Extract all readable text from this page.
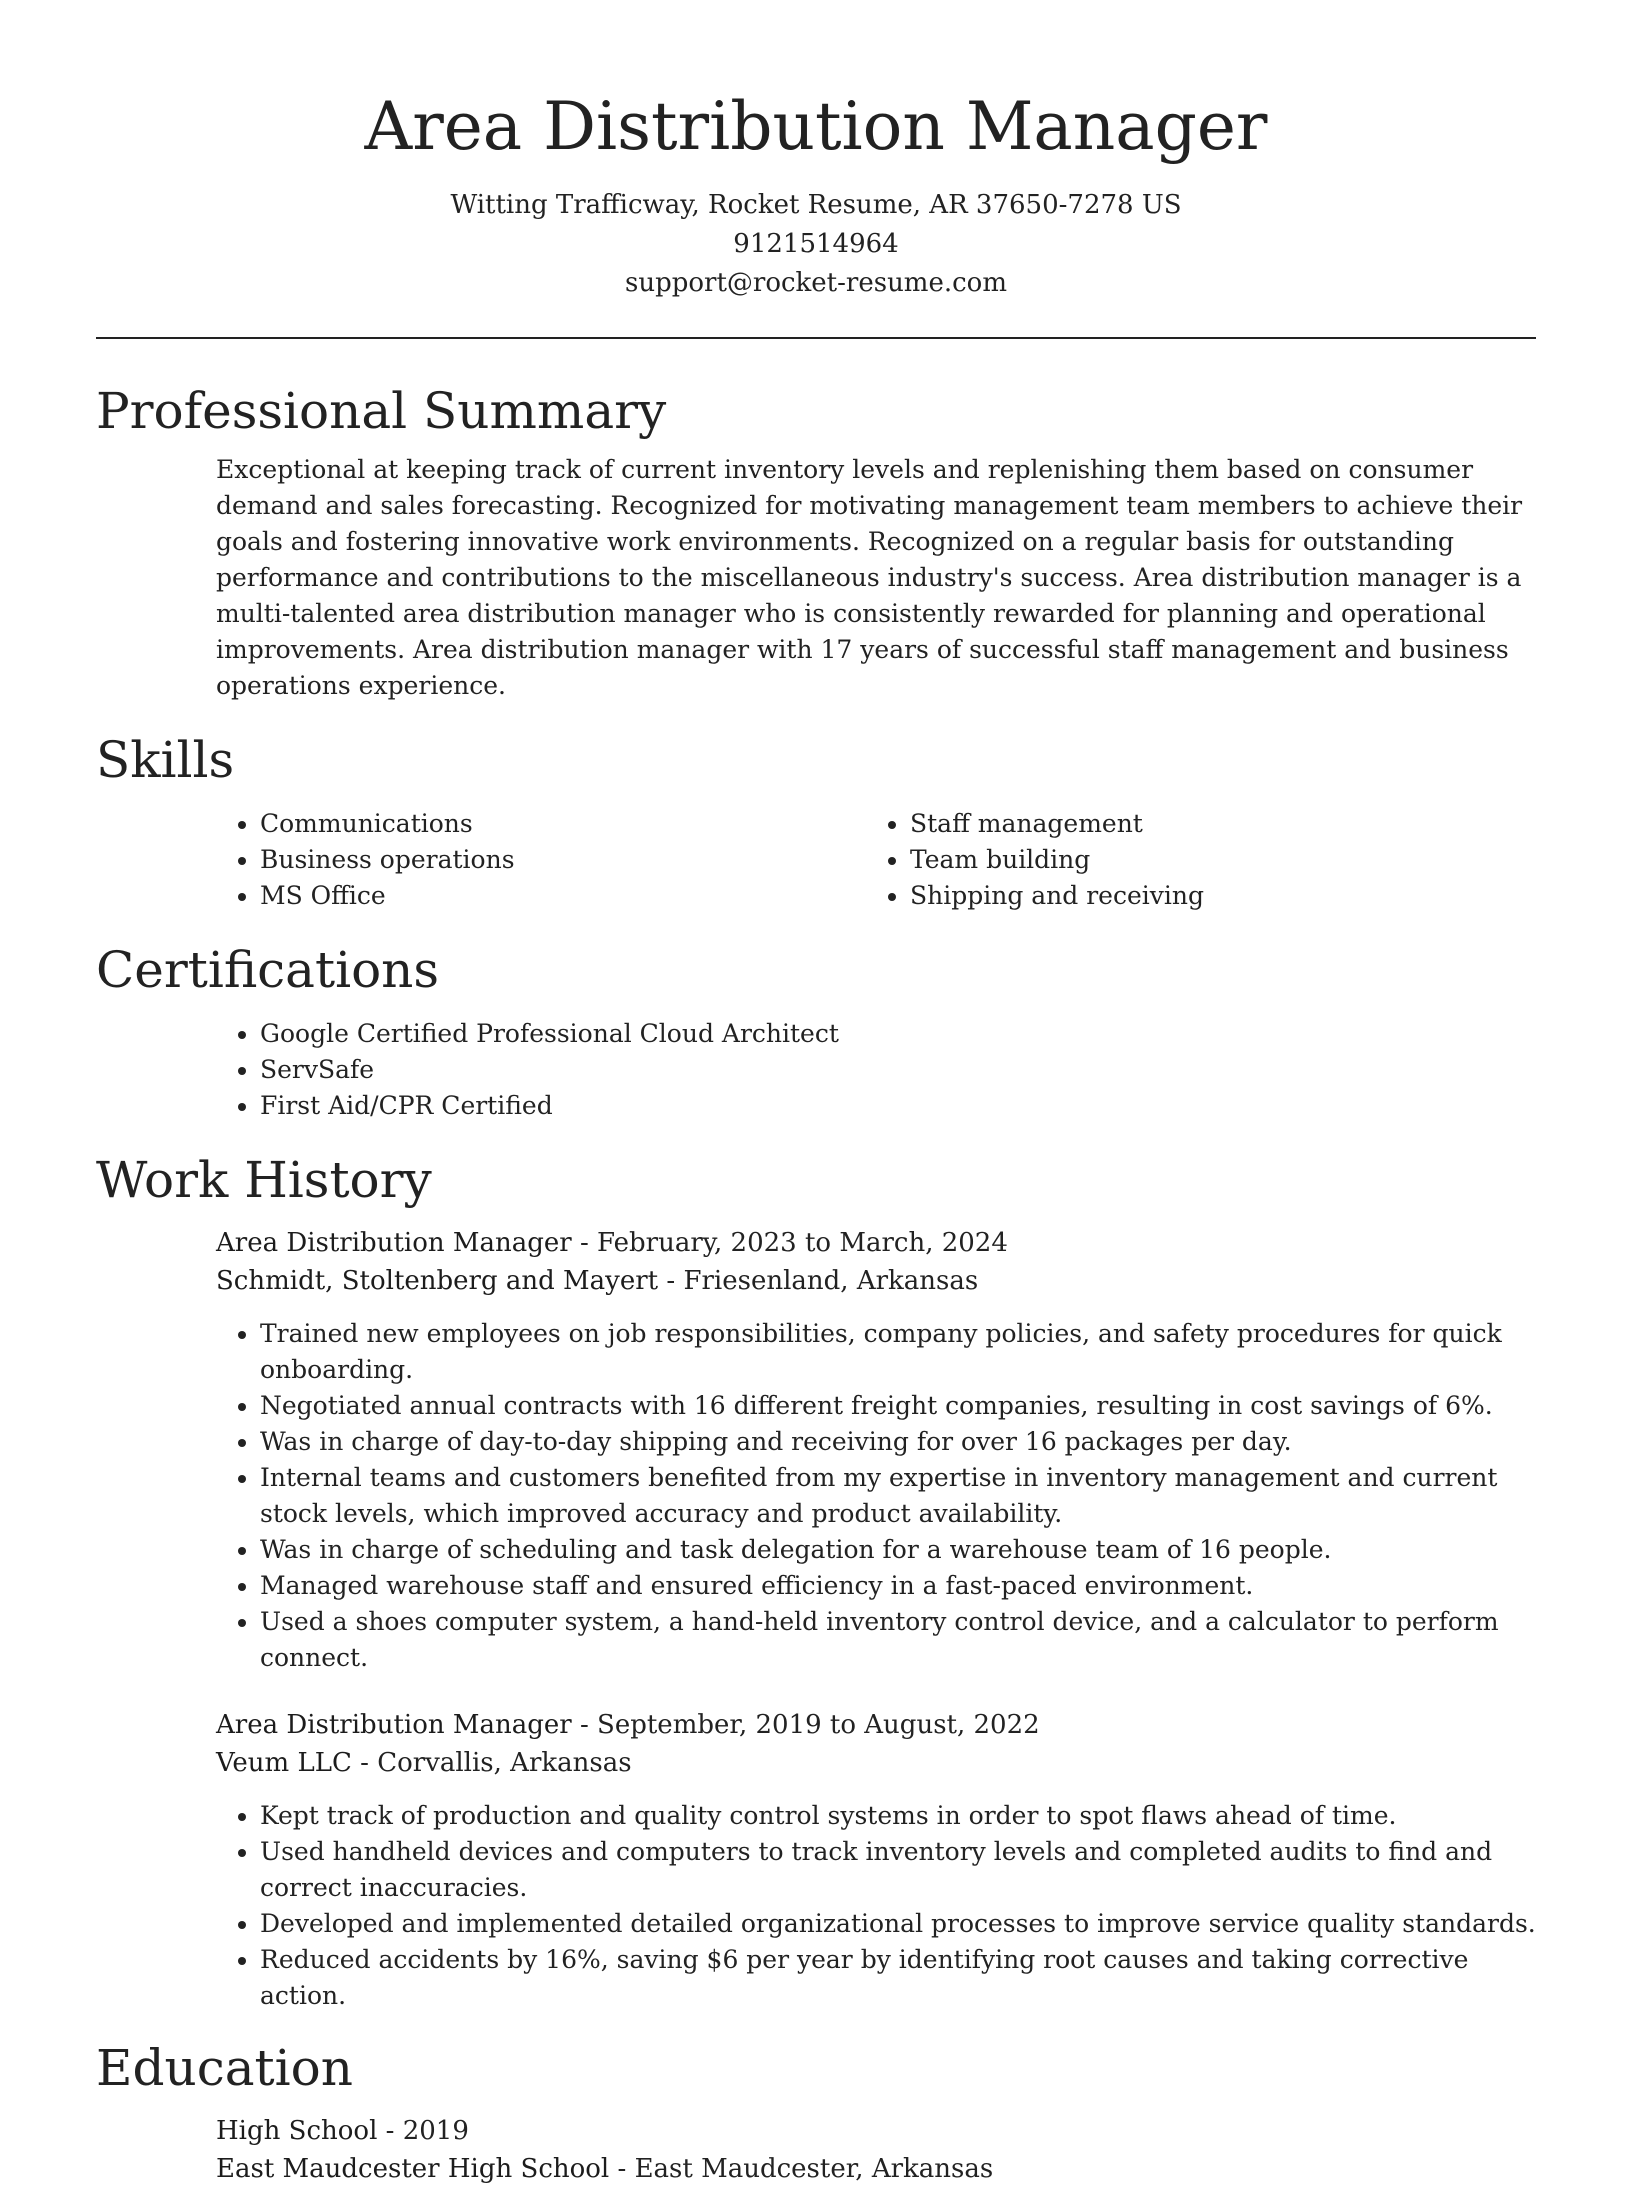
Area Distribution Manager
Witting Trafficway, Rocket Resume, AR 37650-7278 US
9121514964
support@rocket-resume.com
Professional Summary

Exceptional at keeping track of current inventory levels and replenishing them based on consumer demand and sales forecasting. Recognized for motivating management team members to achieve their goals and fostering innovative work environments. Recognized on a regular basis for outstanding performance and contributions to the miscellaneous industry's success. Area distribution manager is a multi-talented area distribution manager who is consistently rewarded for planning and operational improvements. Area distribution manager with 17 years of successful staff management and business operations experience.

Skills
• Communications
• Business operations
• MS Office
• Staff management
• Team building
• Shipping and receiving
Certifications
• Google Certified Professional Cloud Architect
• ServSafe
• First Aid/CPR Certified
Work History
Area Distribution Manager - February, 2023 to March, 2024
Schmidt, Stoltenberg and Mayert - Friesenland, Arkansas
• Trained new employees on job responsibilities, company policies, and safety procedures for quick onboarding.
• Negotiated annual contracts with 16 different freight companies, resulting in cost savings of 6%.
• Was in charge of day-to-day shipping and receiving for over 16 packages per day.
• Internal teams and customers benefited from my expertise in inventory management and current stock levels, which improved accuracy and product availability.
• Was in charge of scheduling and task delegation for a warehouse team of 16 people.
• Managed warehouse staff and ensured efficiency in a fast-paced environment.
• Used a shoes computer system, a hand-held inventory control device, and a calculator to perform connect.
Area Distribution Manager - September, 2019 to August, 2022
Veum LLC - Corvallis, Arkansas
• Kept track of production and quality control systems in order to spot flaws ahead of time.
• Used handheld devices and computers to track inventory levels and completed audits to find and correct inaccuracies.
• Developed and implemented detailed organizational processes to improve service quality standards.
• Reduced accidents by 16%, saving $6 per year by identifying root causes and taking corrective action.
Education
High School - 2019
East Maudcester High School - East Maudcester, Arkansas
